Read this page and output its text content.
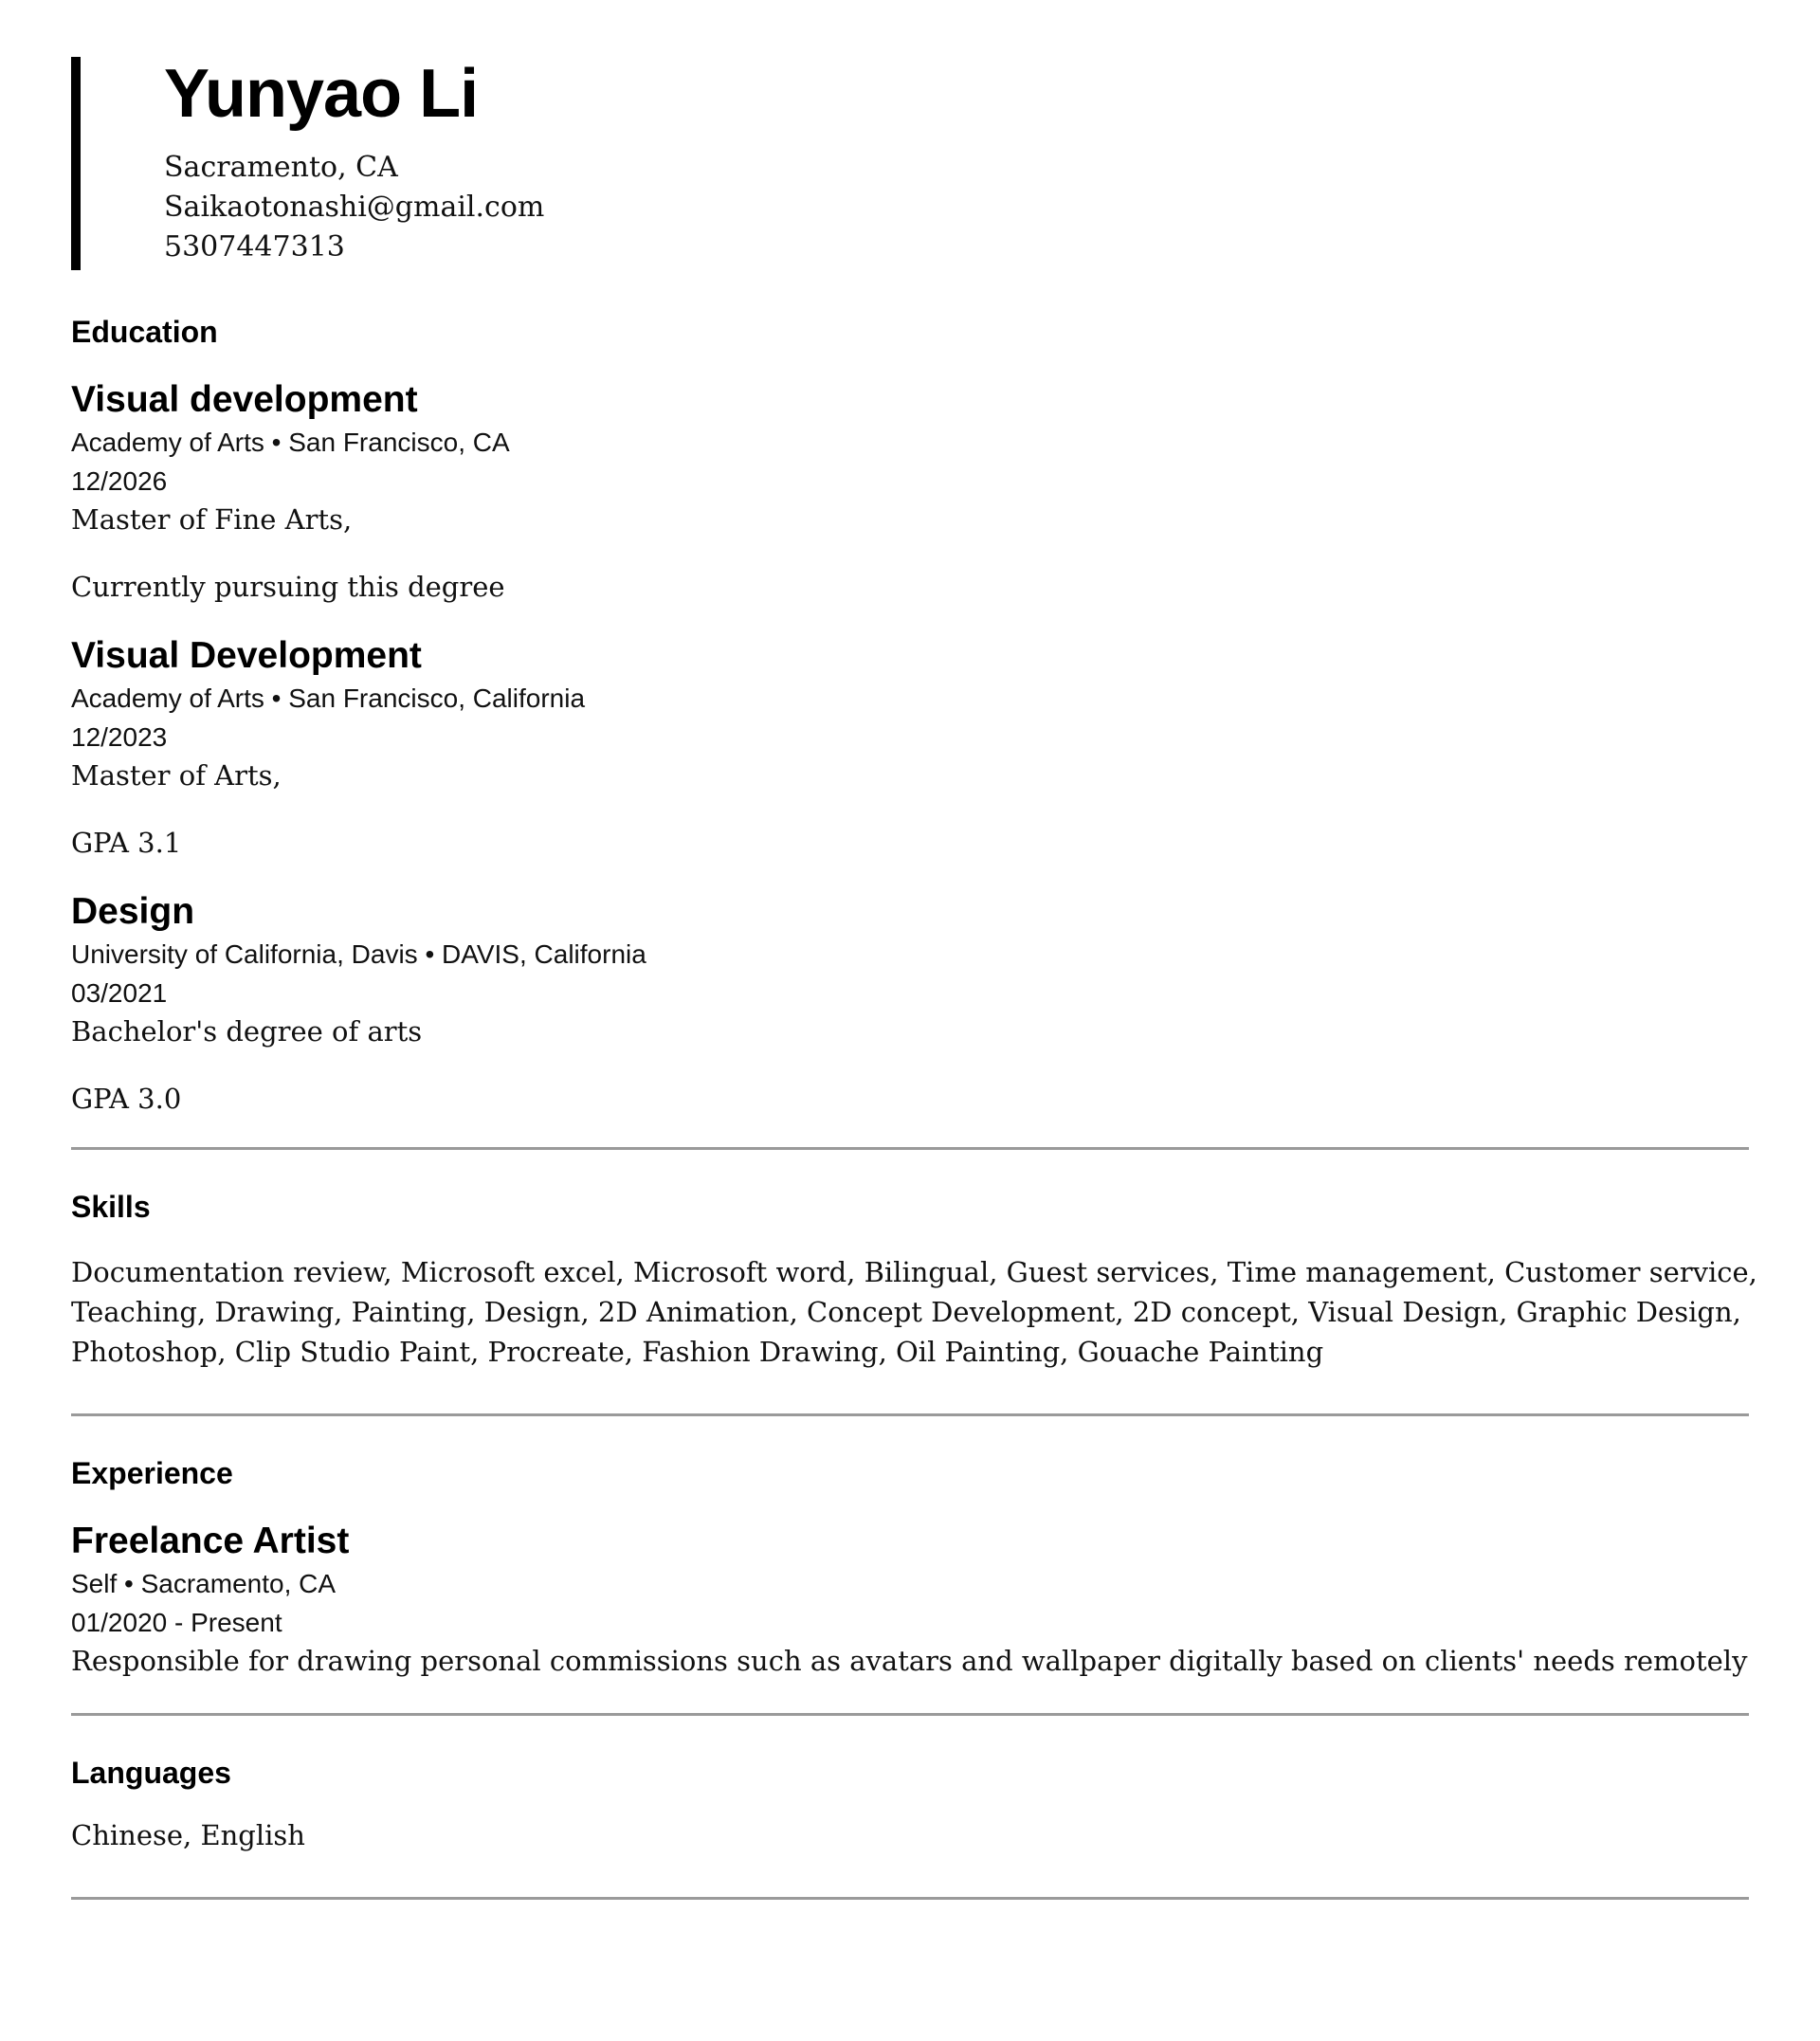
Yunyao Li
Sacramento, CA
Saikaotonashi@gmail.com
5307447313
Education
Visual development
Academy of Arts • San Francisco, CA
12/2026
Master of Fine Arts,
Currently pursuing this degree
Visual Development
Academy of Arts • San Francisco, California
12/2023
Master of Arts,
GPA 3.1
Design
University of California, Davis • DAVIS, California
03/2021
Bachelor's degree of arts
GPA 3.0
Skills
Documentation review, Microsoft excel, Microsoft word, Bilingual, Guest services, Time management, Customer service, Teaching, Drawing, Painting, Design, 2D Animation, Concept Development, 2D concept, Visual Design, Graphic Design, Photoshop, Clip Studio Paint, Procreate, Fashion Drawing, Oil Painting, Gouache Painting
Experience
Freelance Artist
Self • Sacramento, CA
01/2020 - Present
Responsible for drawing personal commissions such as avatars and wallpaper digitally based on clients' needs remotely
Languages
Chinese, English
